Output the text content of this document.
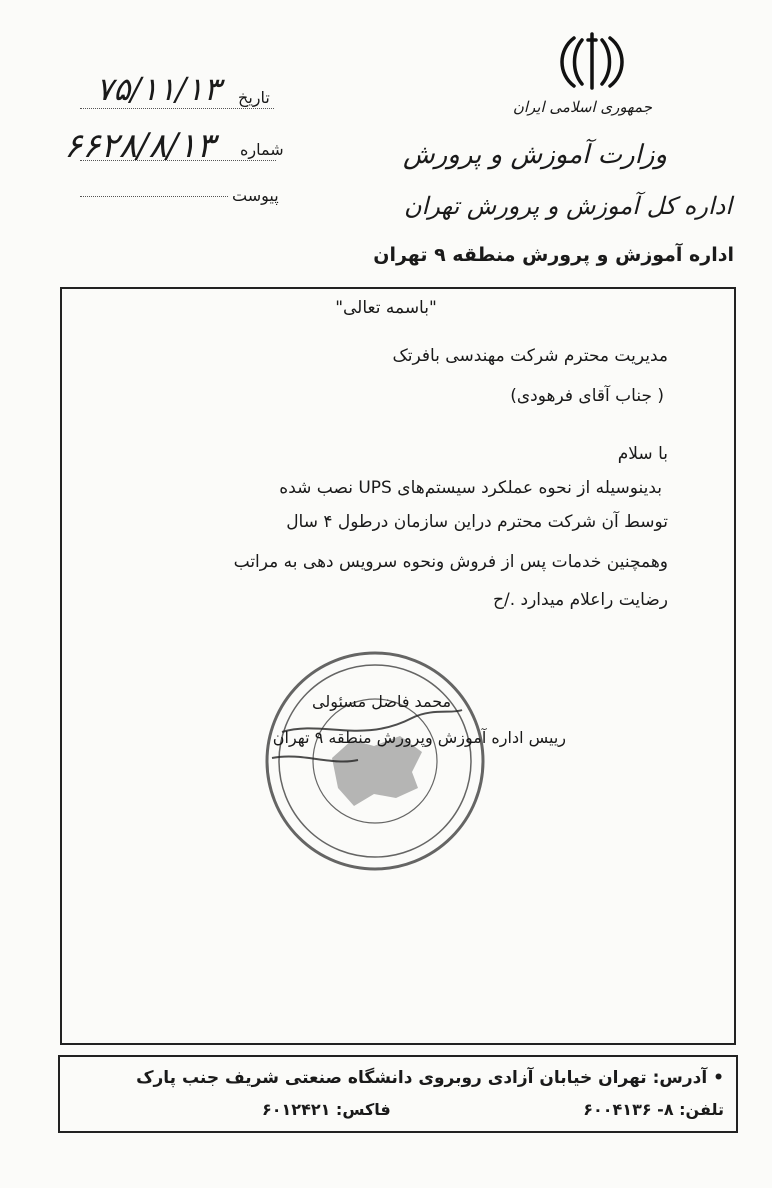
جمهوری اسلامی ایران
وزارت آموزش و پرورش
اداره کل آموزش و پرورش تهران
اداره آموزش و پرورش منطقه ۹ تهران
تاریخ
۷۵/۱۱/۱۳
شماره
۶۶۲۸/۸/۱۳
پیوست
"باسمه تعالی"
مدیریت محترم شرکت مهندسی بافرتک
( جناب آقای فرهودی)
با سلام
بدینوسیله از نحوه عملکرد سیستم‌های UPS نصب شده
توسط آن شرکت محترم دراین سازمان درطول ۴ سال
وهمچنین خدمات پس از فروش ونحوه سرویس دهی به مراتب
رضایت راعلام میدارد ./ح
محمد فاضل مسئولی
رییس اداره آموزش وپرورش منطقه ۹ تهران
• آدرس: تهران خیابان آزادی روبروی دانشگاه صنعتی شریف جنب پارک
تلفن: ۸- ۶۰۰۴۱۳۶
فاکس: ۶۰۱۲۴۲۱
